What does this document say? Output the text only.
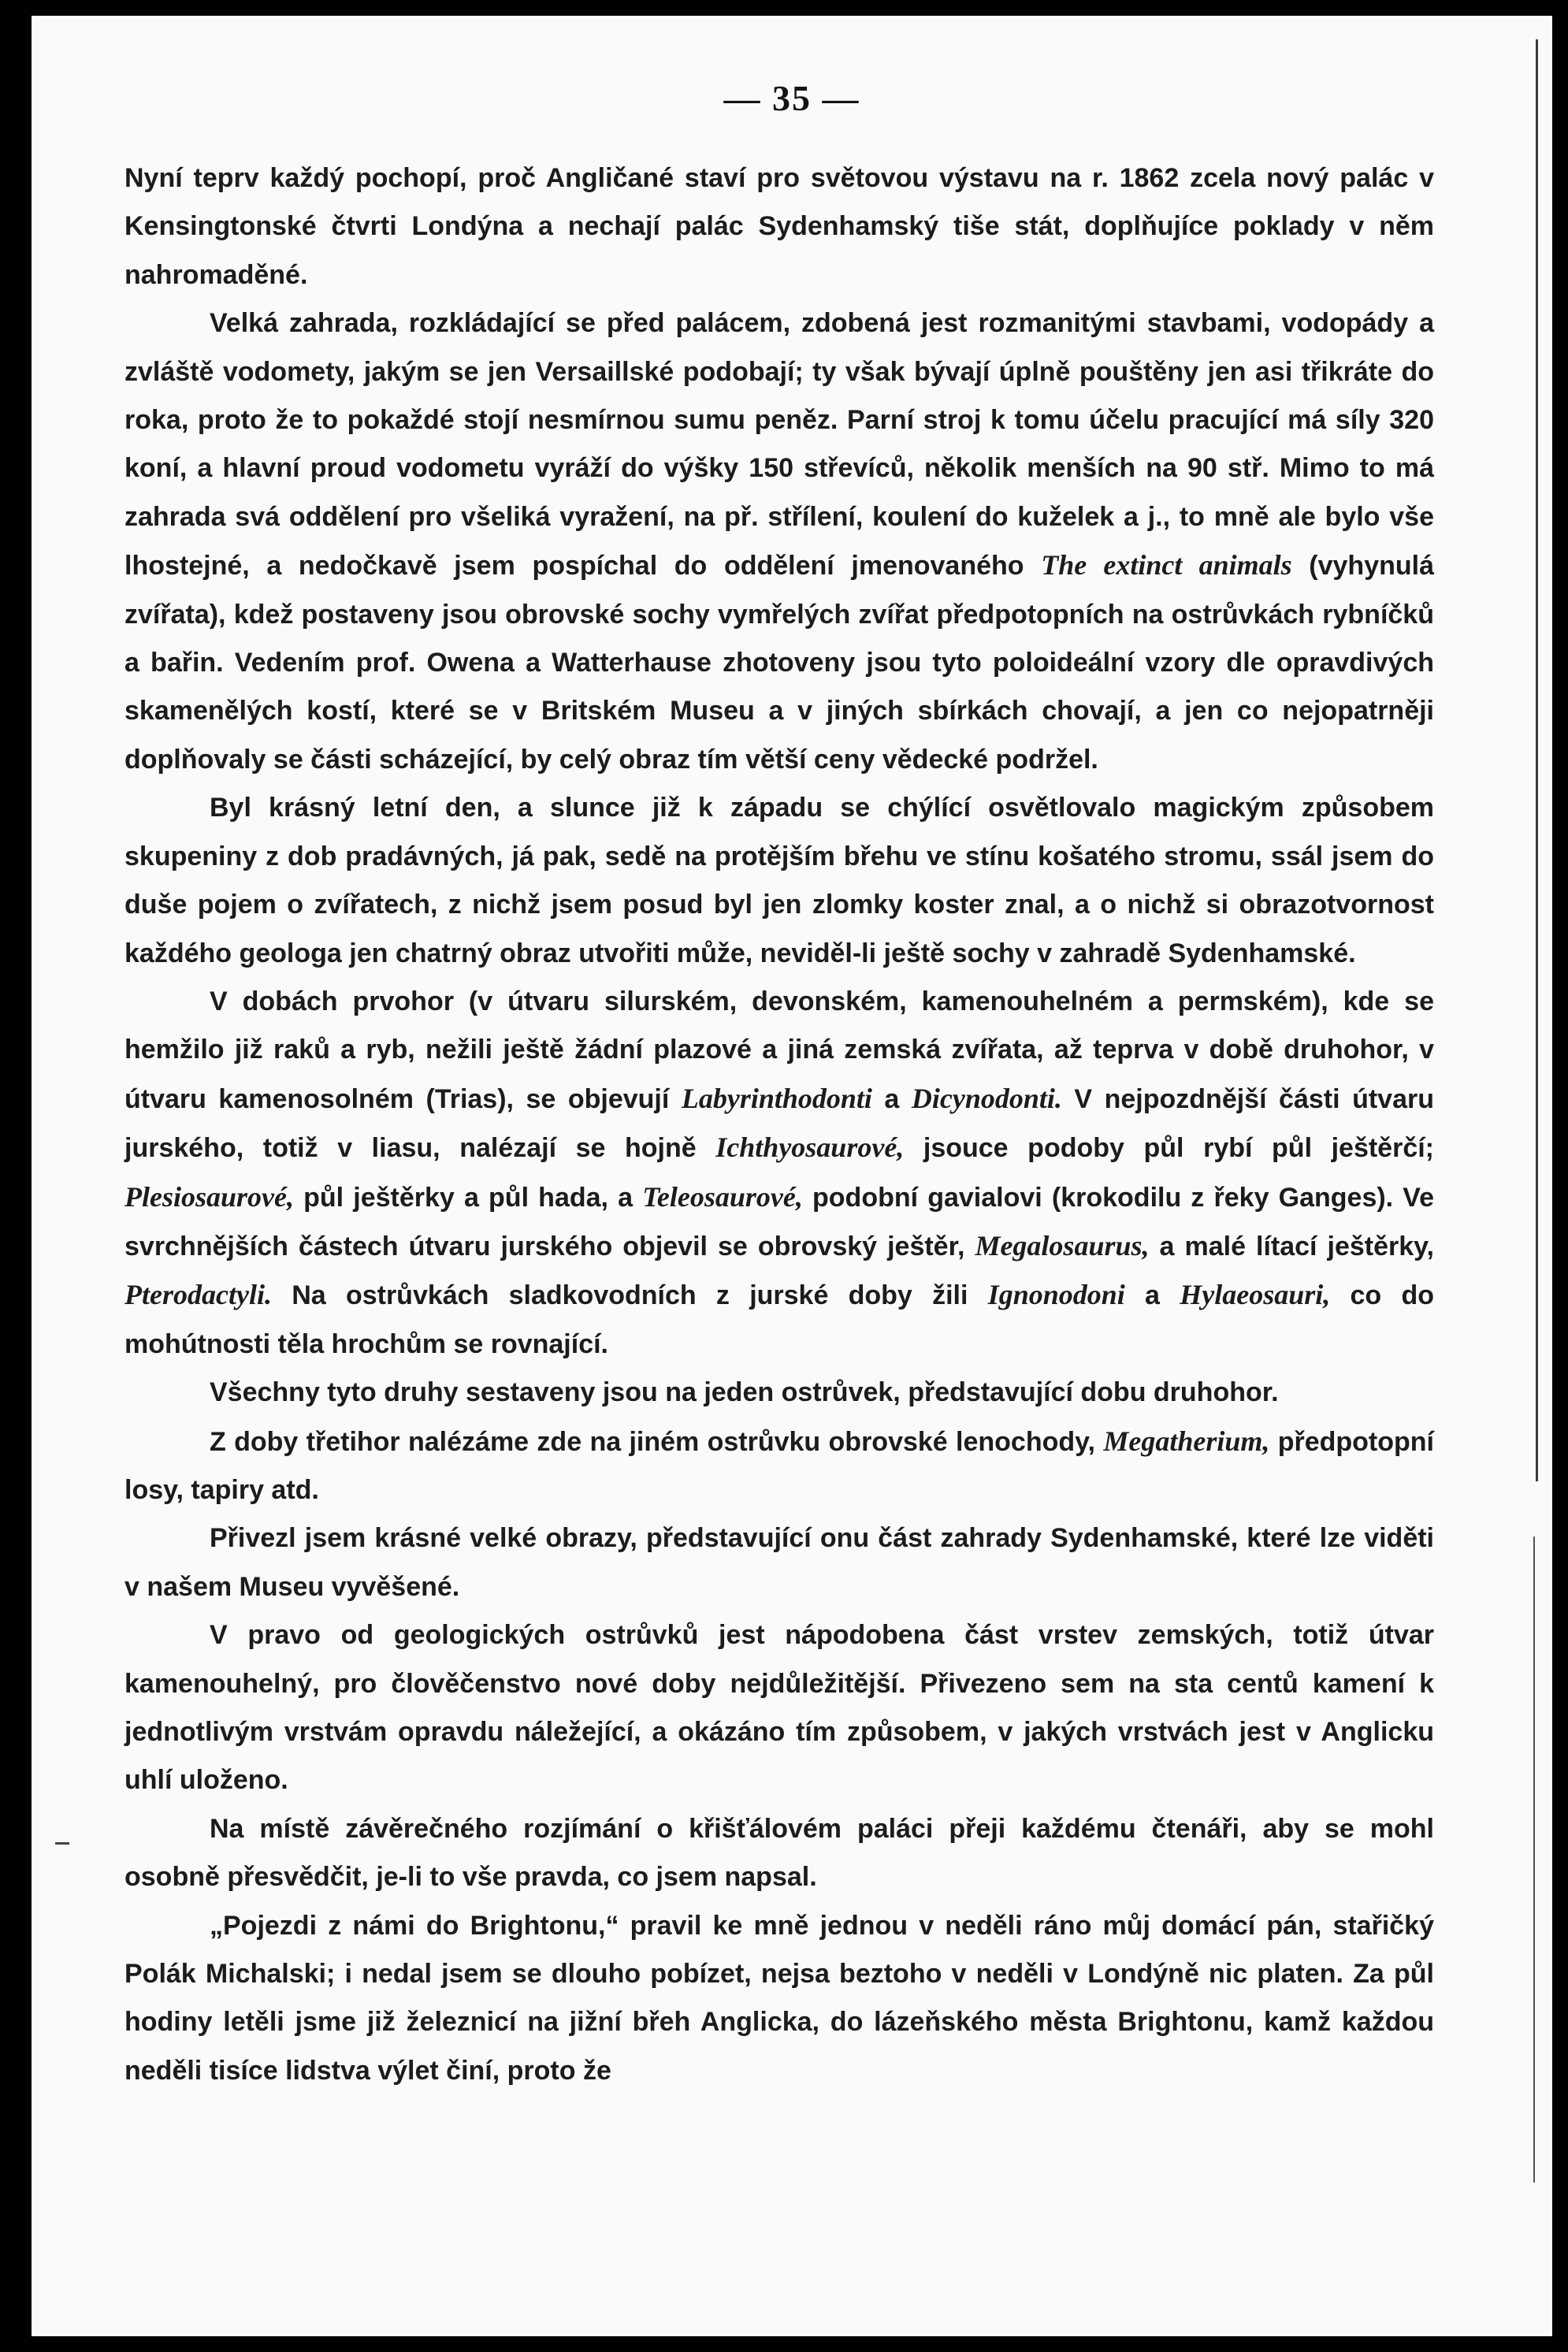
— 35 —

Nyní teprv každý pochopí, proč Angličané staví pro světovou výstavu na r. 1862 zcela nový palác v Kensingtonské čtvrti Londýna a nechají palác Sydenhamský tiše stát, doplňujíce poklady v něm nahromaděné.

Velká zahrada, rozkládající se před palácem, zdobená jest rozmanitými stavbami, vodopády a zvláště vodomety, jakým se jen Versaillské podobají; ty však bývají úplně pouštěny jen asi třikráte do roka, proto že to pokaždé stojí nesmírnou sumu peněz. Parní stroj k tomu účelu pracující má síly 320 koní, a hlavní proud vodometu vyráží do výšky 150 střevíců, několik menších na 90 stř. Mimo to má zahrada svá oddělení pro všeliká vyražení, na př. střílení, koulení do kuželek a j., to mně ale bylo vše lhostejné, a nedočkavě jsem pospíchal do oddělení jmenovaného The extinct animals (vyhynulá zvířata), kdež postaveny jsou obrovské sochy vymřelých zvířat předpotopních na ostrůvkách rybníčků a bařin. Vedením prof. Owena a Watterhause zhotoveny jsou tyto poloideální vzory dle opravdivých skamenělých kostí, které se v Britském Museu a v jiných sbírkách chovají, a jen co nejopatrněji doplňovaly se části scházející, by celý obraz tím větší ceny vědecké podržel.

Byl krásný letní den, a slunce již k západu se chýlící osvětlovalo magickým způsobem skupeniny z dob pradávných, já pak, sedě na protějším břehu ve stínu košatého stromu, ssál jsem do duše pojem o zvířatech, z nichž jsem posud byl jen zlomky koster znal, a o nichž si obrazotvornost každého geologa jen chatrný obraz utvořiti může, neviděl-li ještě sochy v zahradě Sydenhamské.

V dobách prvohor (v útvaru silurském, devonském, kamenouhelném a permském), kde se hemžilo již raků a ryb, nežili ještě žádní plazové a jiná zemská zvířata, až teprva v době druhohor, v útvaru kamenosolném (Trias), se objevují Labyrinthodonti a Dicynodonti. V nejpozdnější části útvaru jurského, totiž v liasu, nalézají se hojně Ichthyosaurové, jsouce podoby půl rybí půl ještěrčí; Plesiosaurové, půl ještěrky a půl hada, a Teleosaurové, podobní gavialovi (krokodilu z řeky Ganges). Ve svrchnějších částech útvaru jurského objevil se obrovský ještěr, Megalosaurus, a malé lítací ještěrky, Pterodactyli. Na ostrůvkách sladkovodních z jurské doby žili Ignonodoni a Hylaeosauri, co do mohútnosti těla hrochům se rovnající.

Všechny tyto druhy sestaveny jsou na jeden ostrůvek, představující dobu druhohor.

Z doby třetihor nalézáme zde na jiném ostrůvku obrovské lenochody, Megatherium, předpotopní losy, tapiry atd.

Přivezl jsem krásné velké obrazy, představující onu část zahrady Sydenhamské, které lze viděti v našem Museu vyvěšené.

V pravo od geologických ostrůvků jest nápodobena část vrstev zemských, totiž útvar kamenouhelný, pro člověčenstvo nové doby nejdůležitější. Přivezeno sem na sta centů kamení k jednotlivým vrstvám opravdu náležející, a okázáno tím způsobem, v jakých vrstvách jest v Anglicku uhlí uloženo.

Na místě závěrečného rozjímání o křišťálovém paláci přeji každému čtenáři, aby se mohl osobně přesvědčit, je-li to vše pravda, co jsem napsal.

„Pojezdi z námi do Brightonu,“ pravil ke mně jednou v neděli ráno můj domácí pán, stařičký Polák Michalski; i nedal jsem se dlouho pobízet, nejsa beztoho v neděli v Londýně nic platen. Za půl hodiny letěli jsme již železnicí na jižní břeh Anglicka, do lázeňského města Brightonu, kamž každou neděli tisíce lidstva výlet činí, proto že
